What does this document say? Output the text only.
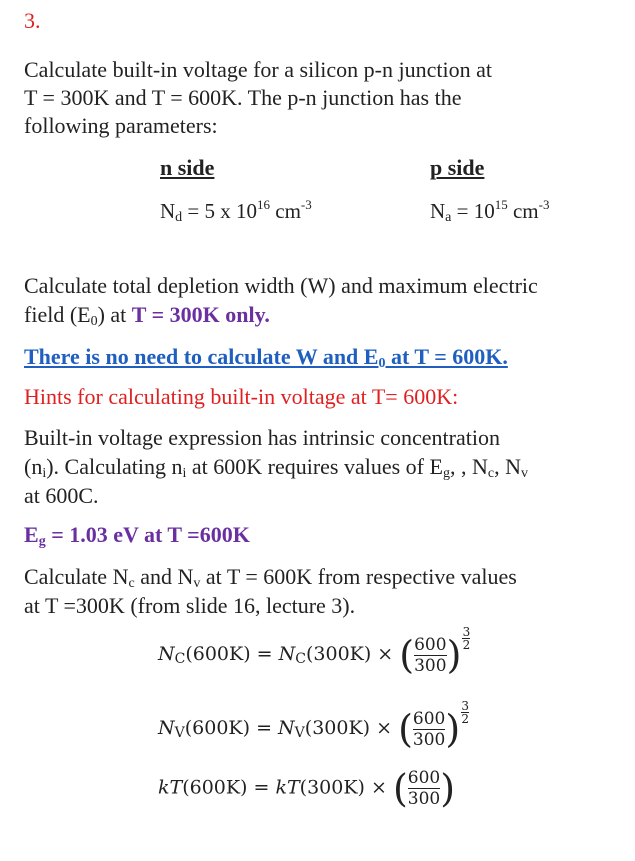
3.
Calculate built-in voltage for a silicon p-n junction at
T = 300K and T = 600K. The p-n junction has the
following parameters:
n side	p side
$N_d = 5$ x $10^{16}$ $cm^{-3}$	$N_a = 10^{15}$ $cm^{-3}$
Calculate total depletion width (W) and maximum electric
field $(E_0)$ at T = 300K only.
There is no need to calculate W and $E_0$ at T = 600K.
Hints for calculating built-in voltage at T= 600K:
Built-in voltage expression has intrinsic concentration
$(n_i)$. Calculating $n_i$ at 600K requires values of $E_g$, , $N_c$, $N_v$
at 600C.
$E_g = 1.03$ eV at T =600K
Calculate $N_c$ and $N_v$ at T = 600K from respective values
at T =300K (from slide 16, lecture 3).
$N_C(600K) = N_C(300K)$ × ( $\frac{600}{300}$ ) $\frac{3}{2}$
$N_V(600K) = N_V(300K)$ × ( $\frac{600}{300}$ ) $\frac{3}{2}$
kT(600K) = kT(300K) × ( $\frac{600}{300}$ )
